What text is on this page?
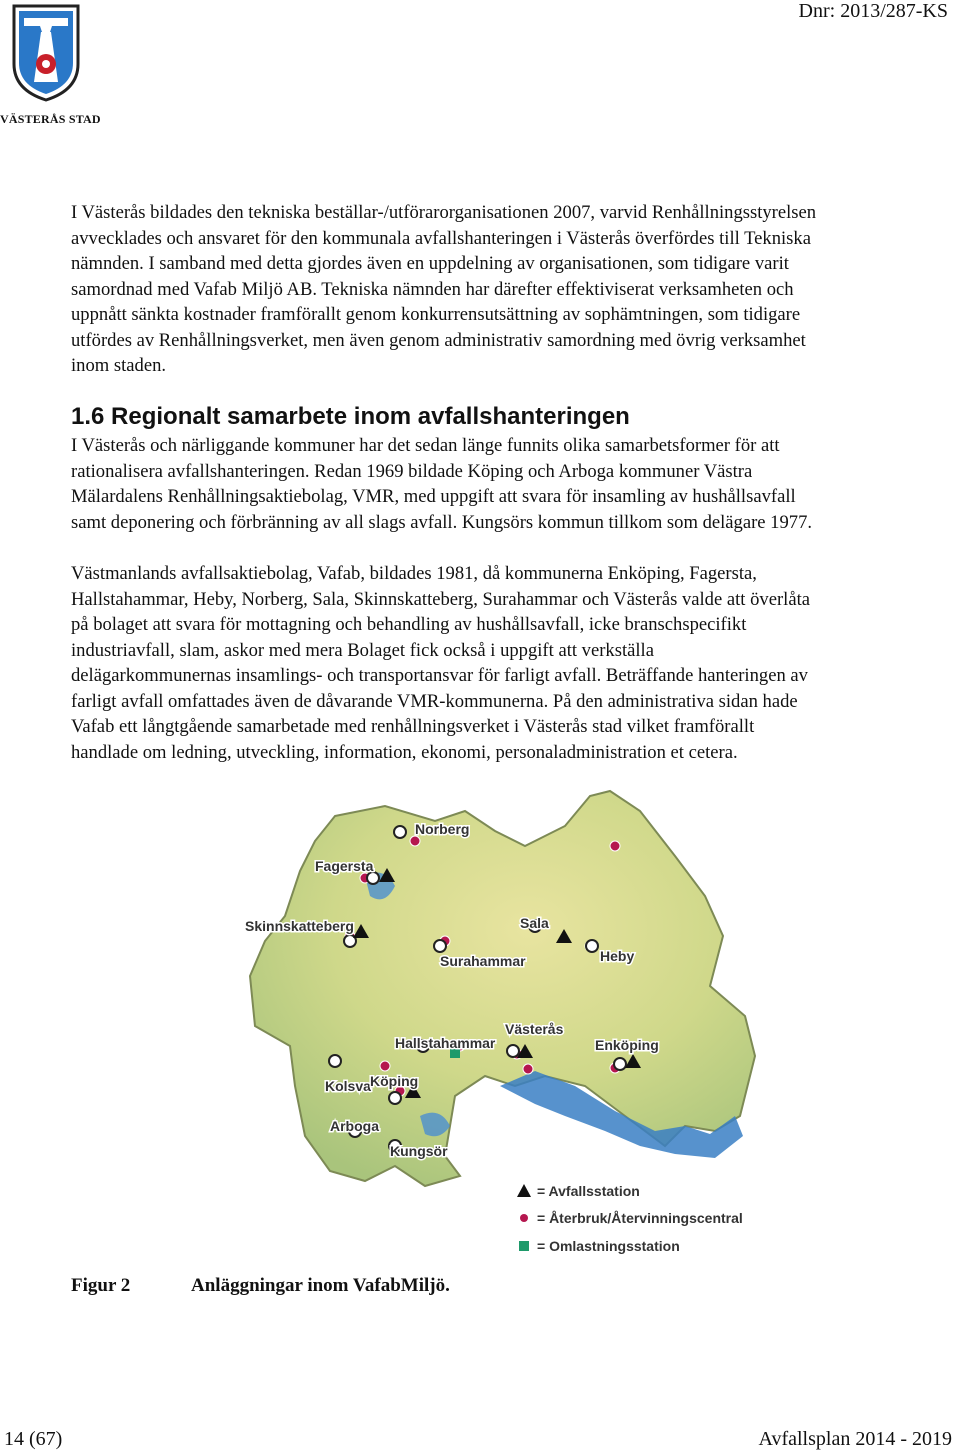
VÄSTERÅS STAD
Dnr: 2013/287-KS
I Västerås bildades den tekniska beställar-/utförarorganisationen 2007, varvid Renhållningsstyrelsen
avvecklades och ansvaret för den kommunala avfallshanteringen i Västerås överfördes till Tekniska
nämnden. I samband med detta gjordes även en uppdelning av organisationen, som tidigare varit
samordnad med Vafab Miljö AB. Tekniska nämnden har därefter effektiviserat verksamheten och
uppnått sänkta kostnader framförallt genom konkurrensutsättning av sophämtningen, som tidigare
utfördes av Renhållningsverket, men även genom administrativ samordning med övrig verksamhet
inom staden.
1.6 Regionalt samarbete inom avfallshanteringen
I Västerås och närliggande kommuner har det sedan länge funnits olika samarbetsformer för att
rationalisera avfallshanteringen. Redan 1969 bildade Köping och Arboga kommuner Västra
Mälardalens Renhållningsaktiebolag, VMR, med uppgift att svara för insamling av hushållsavfall
samt deponering och förbränning av all slags avfall. Kungsörs kommun tillkom som delägare 1977.
Västmanlands avfallsaktiebolag, Vafab, bildades 1981, då kommunerna Enköping, Fagersta,
Hallstahammar, Heby, Norberg, Sala, Skinnskatteberg, Surahammar och Västerås valde att överlåta
på bolaget att svara för mottagning och behandling av hushållsavfall, icke branschspecifikt
industriavfall, slam, askor med mera Bolaget fick också i uppgift att verkställa
delägarkommunernas insamlings- och transportansvar för farligt avfall. Beträffande hanteringen av
farligt avfall omfattades även de dåvarande VMR-kommunerna. På den administrativa sidan hade
Vafab ett långtgående samarbetade med renhållningsverket i Västerås stad vilket framförallt
handlade om ledning, utveckling, information, ekonomi, personaladministration et cetera.
Norberg
Fagersta
Skinnskatteberg	Sala
Heby
Surahammar
Hallstahammar
Västerås
Enköping
Kolsva Köping
Arboga
Kungsör
= Avfallsstation
= Återbruk/Återvinningscentral
= Omlastningsstation
Figur 2	Anläggningar inom VafabMiljö.
14 (67)	Avfallsplan 2014 - 2019
